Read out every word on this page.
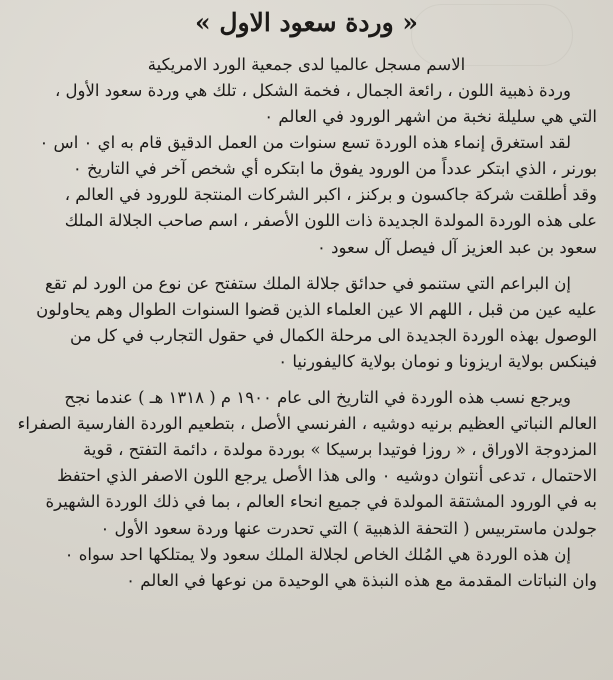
« وردة سعود الاول »

الاسم مسجل عالميا لدى جمعية الورد الامريكية

وردة ذهبية اللون ، رائعة الجمال ، فخمة الشكل ، تلك هي وردة سعود الأول ،

التي هي سليلة نخبة من اشهر الورود في العالم ٠

لقد استغرق إنماء هذه الوردة تسع سنوات من العمل الدقيق قام به اي ٠ اس ٠

بورنر ، الذي ابتكر عدداً من الورود يفوق ما ابتكره أي شخص آخر في التاريخ ٠

وقد أطلقت شركة جاكسون و بركنز ، اكبر الشركات المنتجة للورود في العالم ،

على هذه الوردة المولدة الجديدة ذات اللون الأصفر ، اسم صاحب الجلالة الملك

سعود بن عبد العزيز آل فيصل آل سعود ٠

إن البراعم التي ستنمو في حدائق جلالة الملك ستفتح عن نوع من الورد لم تقع

عليه عين من قبل ، اللهم الا عين العلماء الذين قضوا السنوات الطوال وهم يحاولون

الوصول بهذه الوردة الجديدة الى مرحلة الكمال في حقول التجارب في كل من

فينكس بولاية اريزونا و نومان بولاية كاليفورنيا ٠

ويرجع نسب هذه الوردة في التاريخ الى عام ١٩٠٠ م ( ١٣١٨ هـ ) عندما نجح

العالم النباتي العظيم برنيه دوشيه ، الفرنسي الأصل ، بتطعيم الوردة الفارسية الصفراء

المزدوجة الاوراق ، « روزا فوتيدا برسيكا » بوردة مولدة ، دائمة التفتح ، قوية

الاحتمال ، تدعى أنتوان دوشيه ٠ والى هذا الأصل يرجع اللون الاصفر الذي احتفظ

به في الورود المشتقة المولدة في جميع انحاء العالم ، بما في ذلك الوردة الشهيرة

جولدن ماستربيس ( التحفة الذهبية ) التي تحدرت عنها وردة سعود الأول ٠

إن هذه الوردة هي المُلك الخاص لجلالة الملك سعود ولا يمتلكها احد سواه ٠

وان النباتات المقدمة مع هذه النبذة هي الوحيدة من نوعها في العالم ٠
